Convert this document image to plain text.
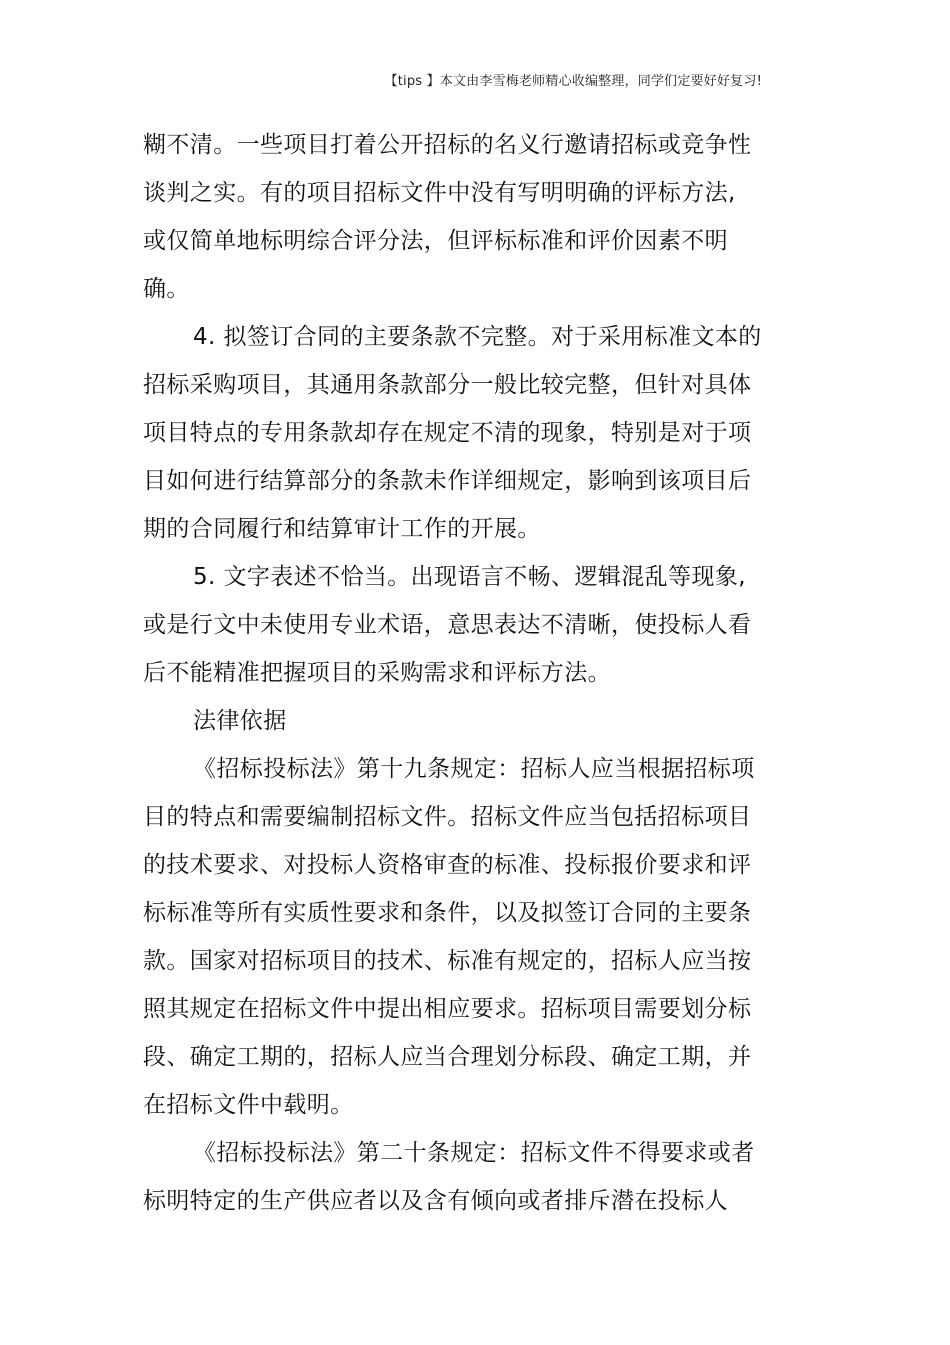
【tips 】本文由李雪梅老师精心收编整理，同学们定要好好复习!
糊不清。一些项目打着公开招标的名义行邀请招标或竞争性
谈判之实。有的项目招标文件中没有写明明确的评标方法,
或仅简单地标明综合评分法，但评标标准和评价因素不明
确。
4. 拟签订合同的主要条款不完整。对于采用标准文本的
招标采购项目，其通用条款部分一般比较完整，但针对具体
项目特点的专用条款却存在规定不清的现象，特别是对于项
目如何进行结算部分的条款未作详细规定，影响到该项目后
期的合同履行和结算审计工作的开展。
5. 文字表述不恰当。出现语言不畅、逻辑混乱等现象,
或是行文中未使用专业术语，意思表达不清晰，使投标人看
后不能精准把握项目的采购需求和评标方法。
法律依据
《招标投标法》第十九条规定：招标人应当根据招标项
目的特点和需要编制招标文件。招标文件应当包括招标项目
的技术要求、对投标人资格审查的标准、投标报价要求和评
标标准等所有实质性要求和条件，以及拟签订合同的主要条
款。国家对招标项目的技术、标准有规定的，招标人应当按
照其规定在招标文件中提出相应要求。招标项目需要划分标
段、确定工期的，招标人应当合理划分标段、确定工期，并
在招标文件中载明。
《招标投标法》第二十条规定：招标文件不得要求或者
标明特定的生产供应者以及含有倾向或者排斥潜在投标人
